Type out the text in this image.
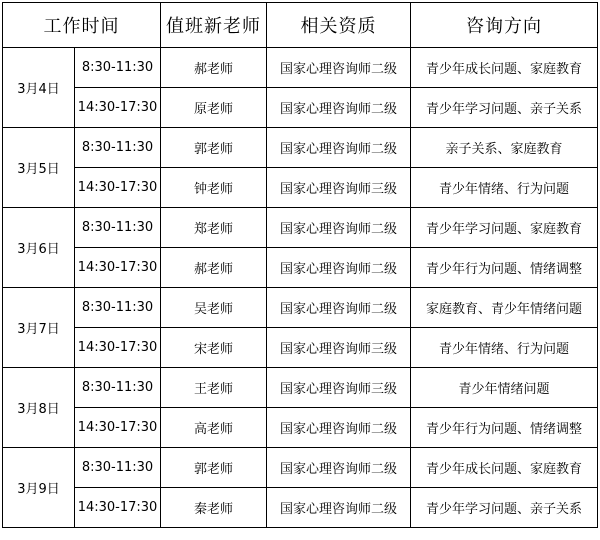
工作时间		值班新老师	相关资质	咨询方向
3月4日	8:30-11:30	郝老师	国家心理咨询师二级	青少年成长问题、家庭教育
	14:30-17:30	原老师	国家心理咨询师二级	青少年学习问题、亲子关系
3月5日	8:30-11:30	郭老师	国家心理咨询师二级	亲子关系、家庭教育
	14:30-17:30	钟老师	国家心理咨询师三级	青少年情绪、行为问题
3月6日	8:30-11:30	郑老师	国家心理咨询师二级	青少年学习问题、家庭教育
	14:30-17:30	郝老师	国家心理咨询师二级	青少年行为问题、情绪调整
3月7日	8:30-11:30	吴老师	国家心理咨询师二级	家庭教育、青少年情绪问题
	14:30-17:30	宋老师	国家心理咨询师三级	青少年情绪、行为问题
3月8日	8:30-11:30	王老师	国家心理咨询师三级	青少年情绪问题
	14:30-17:30	高老师	国家心理咨询师二级	青少年行为问题、情绪调整
3月9日	8:30-11:30	郭老师	国家心理咨询师二级	青少年成长问题、家庭教育
	14:30-17:30	秦老师	国家心理咨询师二级	青少年学习问题、亲子关系
